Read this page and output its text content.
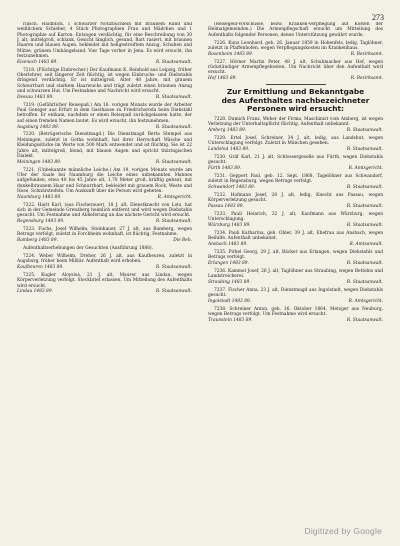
273
rinsch. Haidblick, 1 schwarzer Notizbüchlein mit braunem Rand und weißlichem Schieber, 4 Stück Photographien Frau und Mädchen und 1 Photographie auf Karton. Entzogen verdächtig, für eine Beschreibung von 30 J. alt, mittelgroß, schlank, Gesicht länglich, gesund, Bart rasiert, mit braunen Haaren und blauen Augen, bekleidet mit hellgestreiftem Anzug, Schuhen und Mütze, grünem Umhängeband. Vier Tage vorher in Jena. Es wird ersucht, ihn festzunehmen.
Eisenach 1483 89.	R. Staatsanwalt.
7218. (Flüchtige Einbrecher.) Der Kaufmann K. Reinhold aus Leipzig, früher Oberlehrer, seit längerer Zeit flüchtig, ist wegen Einbruchs- und Diebstahls dringend verdächtig. Er ist mittelgroß, Alter 48 Jahre, mit grauem Schnurrbart und starkem Haarwuchs und trägt zuletzt einen braunen Anzug und schwarzen Hut. Um Festnahme und Nachricht wird ersucht.
Dessau 1483 89.	R. Staatsanwalt.
7219. (Gefährlicher Reisepaß.) Am 16. vorigen Monats wurde der Arbeiter Paul Gonsger aus Erfurt in dem Gasthause zu Friedrichsroda beim Diebstahl betroffen. Er entkam, nachdem er einen Reisepaß zurückgelassen hatte, der auf einen fremden Namen lautet. Es wird ersucht, ihn festzunehmen.
Augsburg 1483 89.	R. Staatsanwalt.
7220. (Betrügerische Dienstmagd.) Die Dienstmagd Berta Stempel aus Meiningen, zuletzt in Gotha wohnhaft, hat ihrer Herrschaft Wäsche und Kleidungsstücke im Werte von 500 Mark entwendet und ist flüchtig. Sie ist 22 Jahre alt, mittelgroß, blond, mit blauen Augen und spricht thüringischen Dialekt.
Meiningen 1483 89.	R. Staatsanwalt.
7221. (Unbekannte männliche Leiche.) Am 19. vorigen Monats wurde am Ufer der Saale bei Naumburg die Leiche eines unbekannten Mannes aufgefunden, etwa 40 bis 45 Jahre alt, 1,70 Meter groß, kräftig gebaut, mit dunkelbraunem Haar und Schnurrbart, bekleidet mit grauem Rock, Weste und Hose, Schnürstiefeln. Um Auskunft über die Person wird gebeten.
Naumburg 1483 89.	R. Amtsgericht.
7222. Harit Karl, (aus Fischerauer), 18 J. alt, Dienstknecht von Lotz, hat sich in der Gemeinde Grenzberg heimlich entfernt und wird wegen Diebstahls gesucht. Um Festnahme und Ablieferung an das nächste Gericht wird ersucht.
Regensburg 1483 89.	R. Staatsanwalt.
7223. Fuchs, Josef Wilhelm, Steinhauer, 27 J. alt, aus Bamberg, wegen Betrugs verfolgt, zuletzt in Forchheim wohnhaft, ist flüchtig. Festnahme.
Bamberg 1483 89.	Die Beh.
Aufenthaltserhebungen der Gesuchten (Ausführung 1888).
7224. Weber Wilhelm, Dreher, 26 J. alt, aus Kaufbeuren, zuletzt in Augsburg, früher beim Militär. Aufenthalt wird erhoben.
Kaufbeuren 1483 89.	R. Staatsanwalt.
7225. Kugler Aloysius, 21 J. alt, Maurer aus Lindau, wegen Körperverletzung verfolgt. Steckbrief erlassen. Um Mitteilung des Aufenthalts wird ersucht.
Lindau 1483 89.	R. Staatsanwalt.
(Reisegeld-Vorschüsse, bezw. Kranken-Verpflegung auf Kosten der Heimatgemeinden.) Die Armenpflegschaft ersucht um Mitteilung des Aufenthalts folgender Personen, denen Unterstützung gewährt wurde.
7226. Kunz Leonhard, geb. 26. Januar 1859 in Hohenfels, ledig, Taglöhner, zuletzt in Pfaffenhofen, wegen Verpflegungskosten im Krankenhaus.
Rosenheim 1483 89.	R. Bezirksamt.
7227. Hörner Martin Peter, 48 J. alt, Schuhmacher aus Hof, wegen rückständiger Armenpflegekosten. Um Nachricht über den Aufenthalt wird ersucht.
Hof 1483 89.	R. Bezirksamt.
Zur Ermittlung und Bekanntgabe
des Aufenthaltes nachbezeichneter Personen wird ersucht:
7228. Dumich Franz, Weber der Firma, Maschinist vom Amberg, ist wegen Verletzung der Unterhaltspflicht flüchtig. Aufenthalt unbekannt.
Amberg 1483 89.	R. Staatsanwalt.
7229. Ertel Josef, Schreiner, 34 J. alt, ledig, aus Landshut, wegen Unterschlagung verfolgt. Zuletzt in München gesehen.
Landshut 1483 89.	R. Staatsanwalt.
7230. Gräf Karl, 21 J. alt, Schlossergeselle aus Fürth, wegen Diebstahls gesucht.
Fürth 1483 89.	R. Amtsgericht.
7231. Geppert Paul, geb. 12. Sept. 1868, Tagelöhner aus Schwandorf, zuletzt in Regensburg, wegen Betrugs verfolgt.
Schwandorf 1483 89.	R. Staatsanwalt.
7232. Hofmann Josef, 28 J. alt, ledig, Knecht aus Passau, wegen Körperverletzung gesucht.
Passau 1483 89.	R. Staatsanwalt.
7233. Pauli Heinrich, 32 J. alt, Kaufmann aus Würzburg, wegen Unterschlagung.
Würzburg 1483 89.	R. Staatsanwalt.
7234. Pauli Katharina, geb. Ohler, 39 J. alt, Ehefrau aus Ansbach, wegen Beihilfe. Aufenthalt unbekannt.
Ansbach 1483 89.	R. Amtsanwalt.
7235. Pirkel Georg, 29 J. alt, Bäcker aus Erlangen, wegen Diebstahls und Betrugs verfolgt.
Erlangen 1483 89.	R. Staatsanwalt.
7236. Kammel Josef, 26 J. alt, Taglöhner aus Straubing, wegen Bettelns und Landstreicherei.
Straubing 1483 89.	R. Staatsanwalt.
7237. Fischer Anna, 23 J. alt, Dienstmagd aus Ingolstadt, wegen Diebstahls gesucht.
Ingolstadt 1483 89.	R. Amtsgericht.
7238. Schreiner Anton, geb. 16. Oktober 1864, Metzger aus Neuburg, wegen Betrugs verfolgt. Um Festnahme wird ersucht.
Traunstein 1483 89.	R. Staatsanwalt.
Digitized by Google
